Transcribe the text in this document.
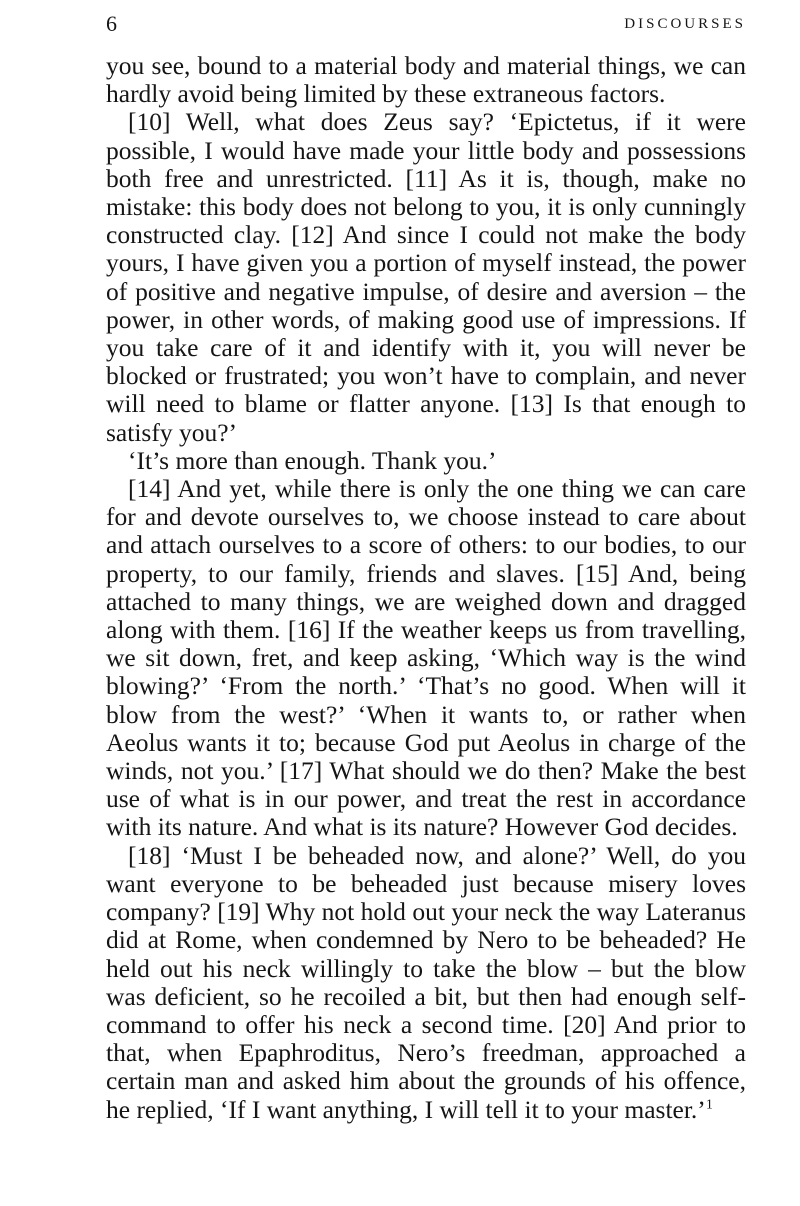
6	DISCOURSES

you see, bound to a material body and material things, we can hardly avoid being limited by these extraneous factors.

[10] Well, what does Zeus say? ‘Epictetus, if it were possible, I would have made your little body and possessions both free and unrestricted. [11] As it is, though, make no mistake: this body does not belong to you, it is only cunningly constructed clay. [12] And since I could not make the body yours, I have given you a portion of myself instead, the power of positive and negative impulse, of desire and aversion – the power, in other words, of making good use of impressions. If you take care of it and identify with it, you will never be blocked or frustrated; you won’t have to complain, and never will need to blame or flatter anyone. [13] Is that enough to satisfy you?’

‘It’s more than enough. Thank you.’

[14] And yet, while there is only the one thing we can care for and devote ourselves to, we choose instead to care about and attach ourselves to a score of others: to our bodies, to our property, to our family, friends and slaves. [15] And, being attached to many things, we are weighed down and dragged along with them. [16] If the weather keeps us from travelling, we sit down, fret, and keep asking, ‘Which way is the wind blowing?’ ‘From the north.’ ‘That’s no good. When will it blow from the west?’ ‘When it wants to, or rather when Aeolus wants it to; because God put Aeolus in charge of the winds, not you.’ [17] What should we do then? Make the best use of what is in our power, and treat the rest in accordance with its nature. And what is its nature? However God decides.

[18] ‘Must I be beheaded now, and alone?’ Well, do you want everyone to be beheaded just because misery loves company? [19] Why not hold out your neck the way Lateranus did at Rome, when condemned by Nero to be beheaded? He held out his neck willingly to take the blow – but the blow was deficient, so he recoiled a bit, but then had enough self-command to offer his neck a second time. [20] And prior to that, when Epaphroditus, Nero’s freedman, approached a certain man and asked him about the grounds of his offence, he replied, ‘If I want anything, I will tell it to your master.’$^1$
